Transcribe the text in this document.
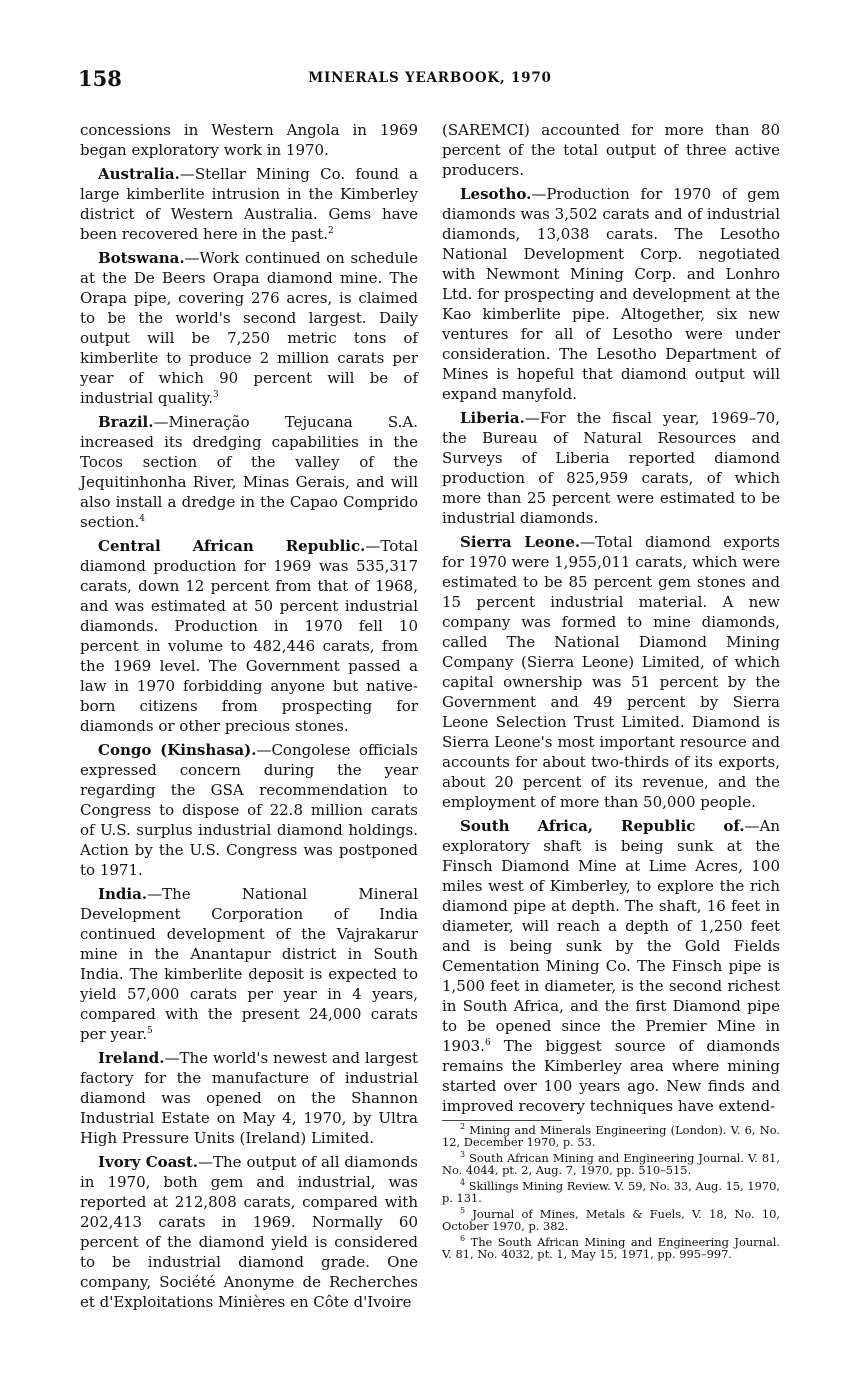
158	MINERALS YEARBOOK, 1970

concessions in Western Angola in 1969 began exploratory work in 1970.

Australia.—Stellar Mining Co. found a large kimberlite intrusion in the Kimberley district of Western Australia. Gems have been recovered here in the past.$^2$

Botswana.—Work continued on schedule at the De Beers Orapa diamond mine. The Orapa pipe, covering 276 acres, is claimed to be the world's second largest. Daily output will be 7,250 metric tons of kimberlite to produce 2 million carats per year of which 90 percent will be of industrial quality.$^3$

Brazil.—Mineração Tejucana S.A. increased its dredging capabilities in the Tocos section of the valley of the Jequitinhonha River, Minas Gerais, and will also install a dredge in the Capao Comprido section.$^4$

Central African Republic.—Total diamond production for 1969 was 535,317 carats, down 12 percent from that of 1968, and was estimated at 50 percent industrial diamonds. Production in 1970 fell 10 percent in volume to 482,446 carats, from the 1969 level. The Government passed a law in 1970 forbidding anyone but native-born citizens from prospecting for diamonds or other precious stones.

Congo (Kinshasa).—Congolese officials expressed concern during the year regarding the GSA recommendation to Congress to dispose of 22.8 million carats of U.S. surplus industrial diamond holdings. Action by the U.S. Congress was postponed to 1971.

India.—The National Mineral Development Corporation of India continued development of the Vajrakarur mine in the Anantapur district in South India. The kimberlite deposit is expected to yield 57,000 carats per year in 4 years, compared with the present 24,000 carats per year.$^5$

Ireland.—The world's newest and largest factory for the manufacture of industrial diamond was opened on the Shannon Industrial Estate on May 4, 1970, by Ultra High Pressure Units (Ireland) Limited.

Ivory Coast.—The output of all diamonds in 1970, both gem and industrial, was reported at 212,808 carats, compared with 202,413 carats in 1969. Normally 60 percent of the diamond yield is considered to be industrial diamond grade. One company, Société Anonyme de Recherches et d'Exploitations Minières en Côte d'Ivoire

(SAREMCI) accounted for more than 80 percent of the total output of three active producers.

Lesotho.—Production for 1970 of gem diamonds was 3,502 carats and of industrial diamonds, 13,038 carats. The Lesotho National Development Corp. negotiated with Newmont Mining Corp. and Lonhro Ltd. for prospecting and development at the Kao kimberlite pipe. Altogether, six new ventures for all of Lesotho were under consideration. The Lesotho Department of Mines is hopeful that diamond output will expand manyfold.

Liberia.—For the fiscal year, 1969–70, the Bureau of Natural Resources and Surveys of Liberia reported diamond production of 825,959 carats, of which more than 25 percent were estimated to be industrial diamonds.

Sierra Leone.—Total diamond exports for 1970 were 1,955,011 carats, which were estimated to be 85 percent gem stones and 15 percent industrial material. A new company was formed to mine diamonds, called The National Diamond Mining Company (Sierra Leone) Limited, of which capital ownership was 51 percent by the Government and 49 percent by Sierra Leone Selection Trust Limited. Diamond is Sierra Leone's most important resource and accounts for about two-thirds of its exports, about 20 percent of its revenue, and the employment of more than 50,000 people.

South Africa, Republic of.—An exploratory shaft is being sunk at the Finsch Diamond Mine at Lime Acres, 100 miles west of Kimberley, to explore the rich diamond pipe at depth. The shaft, 16 feet in diameter, will reach a depth of 1,250 feet and is being sunk by the Gold Fields Cementation Mining Co. The Finsch pipe is 1,500 feet in diameter, is the second richest in South Africa, and the first Diamond pipe to be opened since the Premier Mine in 1903.$^6$ The biggest source of diamonds remains the Kimberley area where mining started over 100 years ago. New finds and improved recovery techniques have extend-

$^2$ Mining and Minerals Engineering (London). V. 6, No. 12, December 1970, p. 53.

$^3$ South African Mining and Engineering Journal. V. 81, No. 4044, pt. 2, Aug. 7, 1970, pp. 510–515.

$^4$ Skillings Mining Review. V. 59, No. 33, Aug. 15, 1970, p. 131.

$^5$ Journal of Mines, Metals & Fuels, V. 18, No. 10, October 1970, p. 382.

$^6$ The South African Mining and Engineering Journal. V. 81, No. 4032, pt. 1, May 15, 1971, pp. 995–997.
